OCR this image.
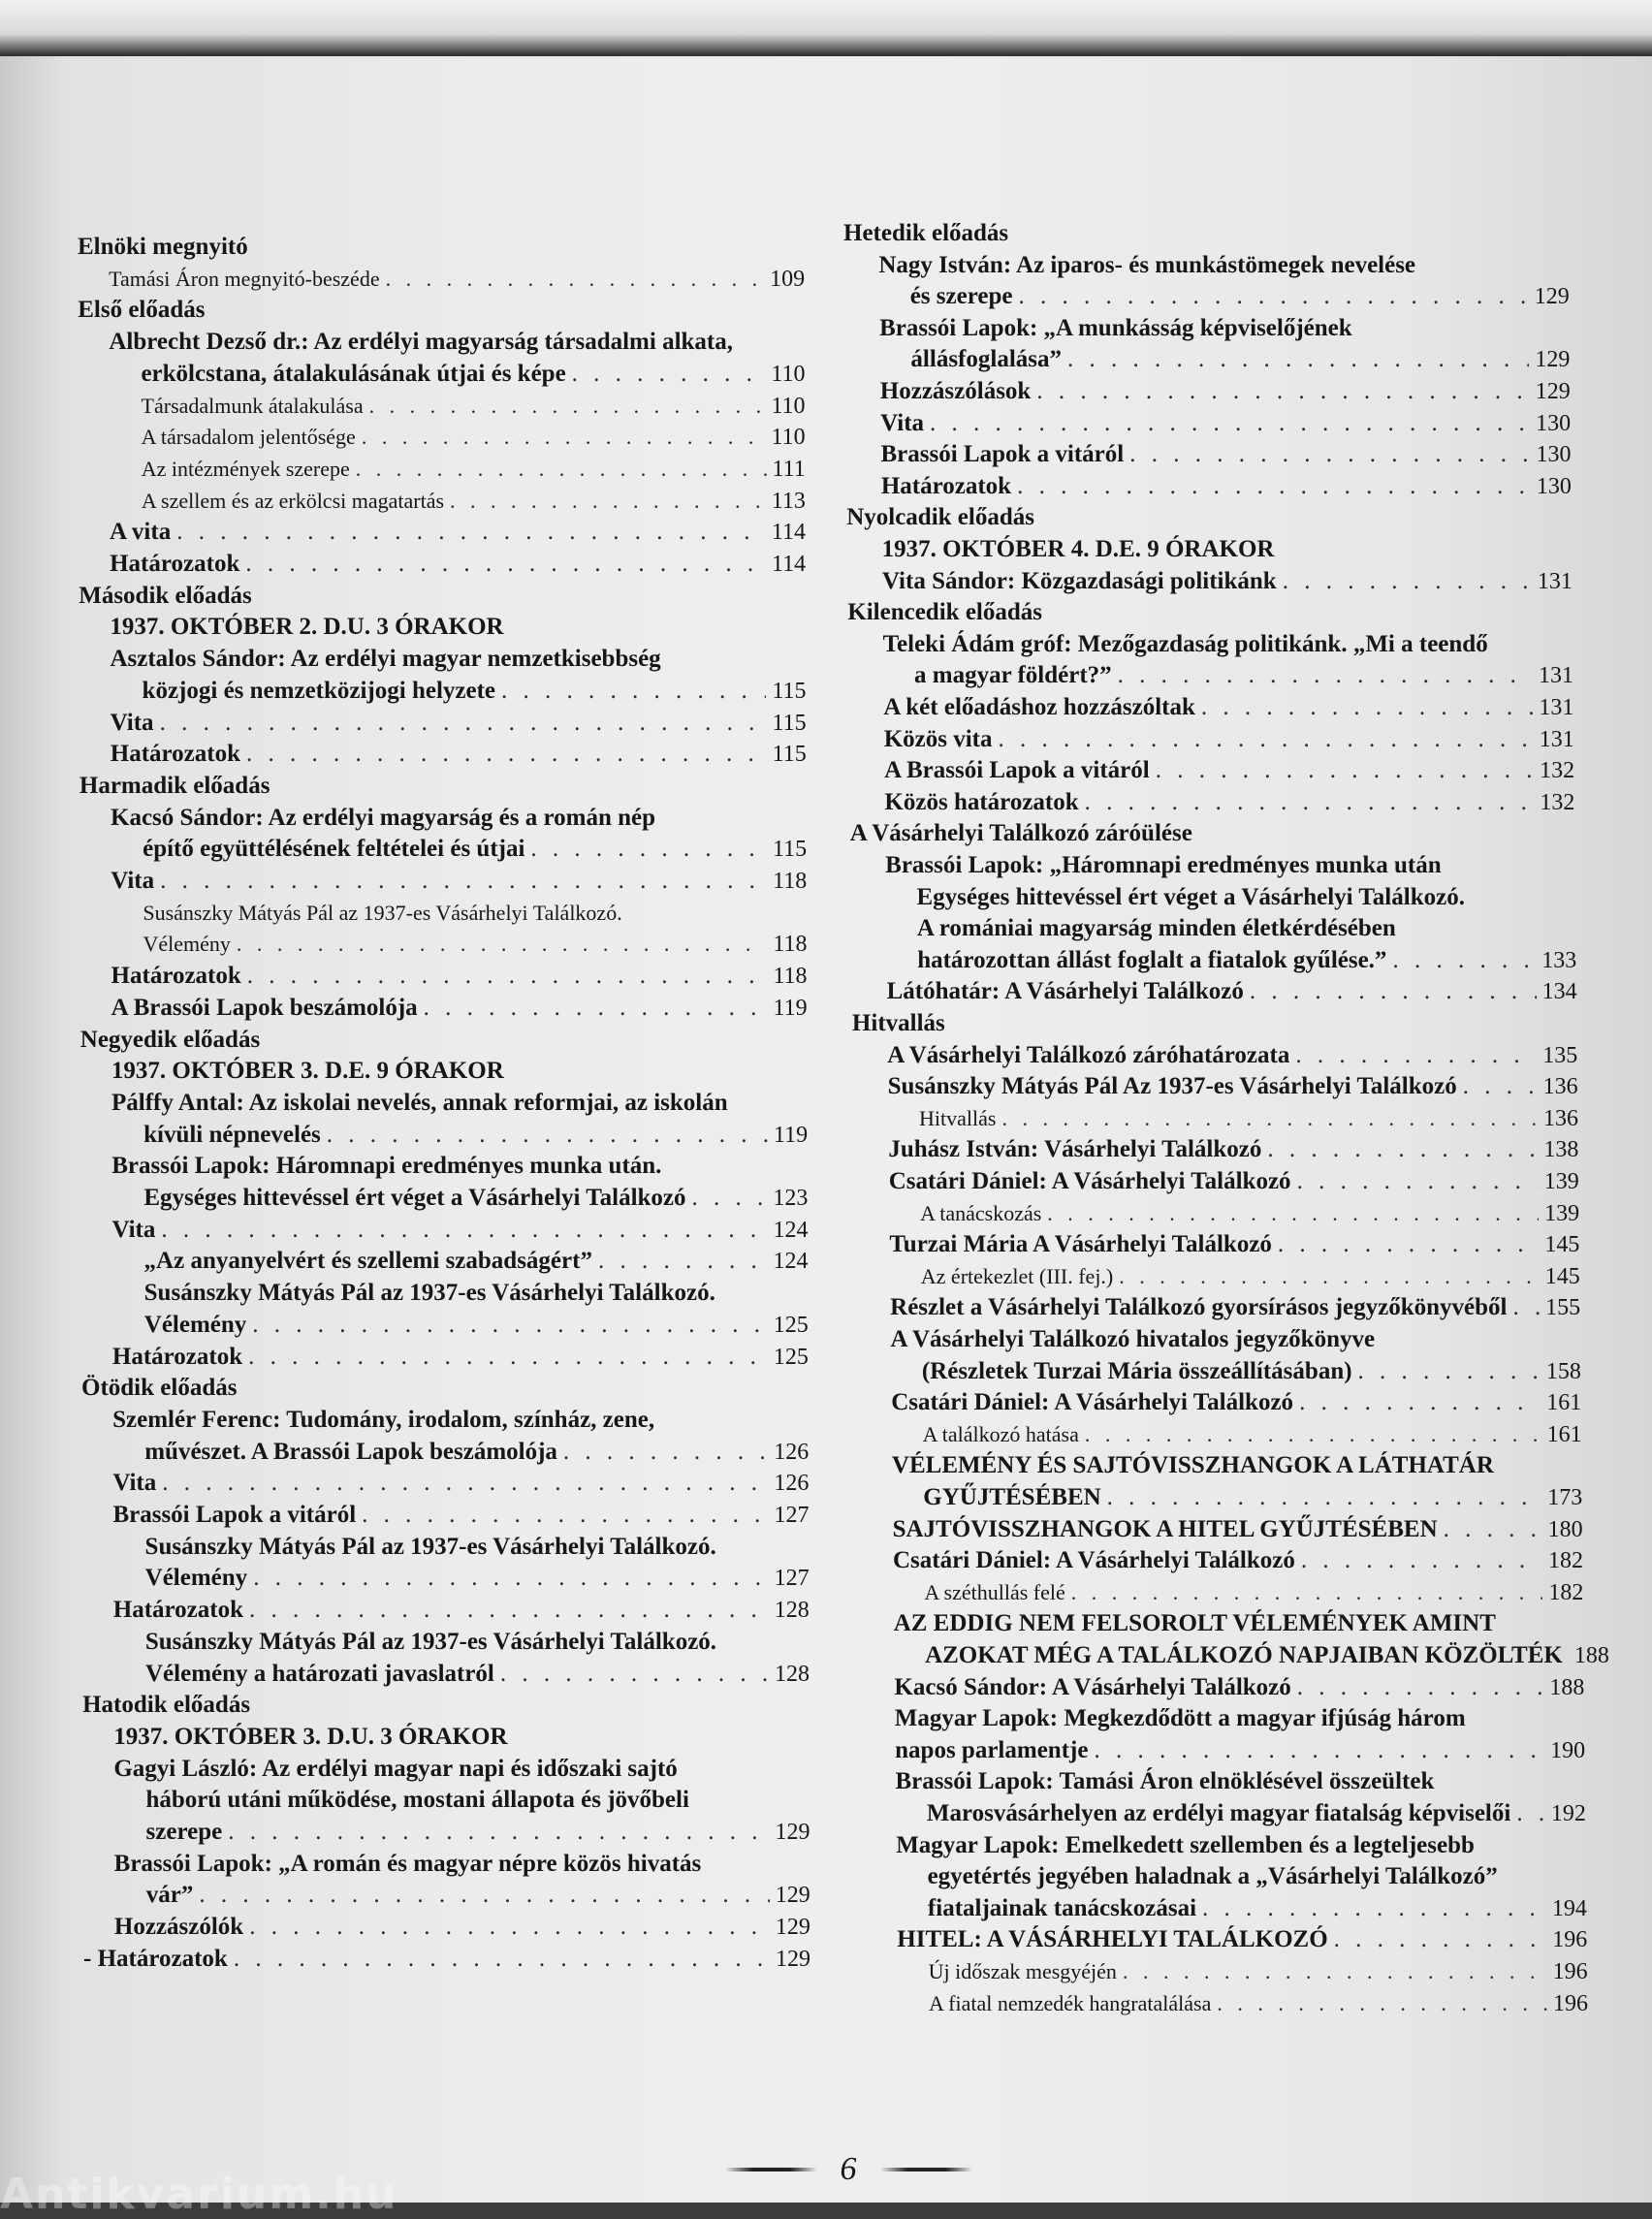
Elnöki megnyitó
Tamási Áron megnyitó-beszéde . . .	109
Első előadás
Albrecht Dezső dr.: Az erdélyi magyarság társadalmi alkata,
erkölcstana, átalakulásának útjai és képe . . .	110
Társadalmunk átalakulása . . .	110
A társadalom jelentősége . . .	110
Az intézmények szerepe . . .	111
A szellem és az erkölcsi magatartás . . .	113
A vita . . .	114
Határozatok . . .	114
Második előadás
1937. OKTÓBER 2. D.U. 3 ÓRAKOR
Asztalos Sándor: Az erdélyi magyar nemzetkisebbség
közjogi és nemzetközijogi helyzete . . .	115
Vita . . .	115
Határozatok . . .	115
Harmadik előadás
Kacsó Sándor: Az erdélyi magyarság és a román nép
építő együttélésének feltételei és útjai . . .	115
Vita . . .	118
Susánszky Mátyás Pál az 1937-es Vásárhelyi Találkozó.
Vélemény . . .	118
Határozatok . . .	118
A Brassói Lapok beszámolója . . .	119
Negyedik előadás
1937. OKTÓBER 3. D.E. 9 ÓRAKOR
Pálffy Antal: Az iskolai nevelés, annak reformjai, az iskolán
kívüli népnevelés . . .	119
Brassói Lapok: Háromnapi eredményes munka után.
Egységes hittevéssel ért véget a Vásárhelyi Találkozó . . .	123
Vita . . .	124
„Az anyanyelvért és szellemi szabadságért” . . .	124
Susánszky Mátyás Pál az 1937-es Vásárhelyi Találkozó.
Vélemény . . .	125
Határozatok . . .	125
Ötödik előadás
Szemlér Ferenc: Tudomány, irodalom, színház, zene,
művészet. A Brassói Lapok beszámolója . . .	126
Vita . . .	126
Brassói Lapok a vitáról . . .	127
Susánszky Mátyás Pál az 1937-es Vásárhelyi Találkozó.
Vélemény . . .	127
Határozatok . . .	128
Susánszky Mátyás Pál az 1937-es Vásárhelyi Találkozó.
Vélemény a határozati javaslatról . . .	128
Hatodik előadás
1937. OKTÓBER 3. D.U. 3 ÓRAKOR
Gagyi László: Az erdélyi magyar napi és időszaki sajtó
háború utáni működése, mostani állapota és jövőbeli
szerepe . . .	129
Brassói Lapok: „A román és magyar népre közös hivatás
vár” . . .	129
Hozzászólók . . .	129
- Határozatok . . .	129
Hetedik előadás
Nagy István: Az iparos- és munkástömegek nevelése
és szerepe . . .	129
Brassói Lapok: „A munkásság képviselőjének
állásfoglalása” . . .	129
Hozzászólások . . .	129
Vita . . .	130
Brassói Lapok a vitáról . . .	130
Határozatok . . .	130
Nyolcadik előadás
1937. OKTÓBER 4. D.E. 9 ÓRAKOR
Vita Sándor: Közgazdasági politikánk . . .	131
Kilencedik előadás
Teleki Ádám gróf: Mezőgazdaság politikánk. „Mi a teendő
a magyar földért?” . . .	131
A két előadáshoz hozzászóltak . . .	131
Közös vita . . .	131
A Brassói Lapok a vitáról . . .	132
Közös határozatok . . .	132
A Vásárhelyi Találkozó záróülése
Brassói Lapok: „Háromnapi eredményes munka után
Egységes hittevéssel ért véget a Vásárhelyi Találkozó.
A romániai magyarság minden életkérdésében
határozottan állást foglalt a fiatalok gyűlése.” . . .	133
Látóhatár: A Vásárhelyi Találkozó . . .	134
Hitvallás
A Vásárhelyi Találkozó záróhatározata . . .	135
Susánszky Mátyás Pál Az 1937-es Vásárhelyi Találkozó . . .	136
Hitvallás . . .	136
Juhász István: Vásárhelyi Találkozó . . .	138
Csatári Dániel: A Vásárhelyi Találkozó . . .	139
A tanácskozás . . .	139
Turzai Mária A Vásárhelyi Találkozó . . .	145
Az értekezlet (III. fej.) . . .	145
Részlet a Vásárhelyi Találkozó gyorsírásos jegyzőkönyvéből . . . 155
A Vásárhelyi Találkozó hivatalos jegyzőkönyve
(Részletek Turzai Mária összeállításában) . . .	158
Csatári Dániel: A Vásárhelyi Találkozó . . .	161
A találkozó hatása . . .	161
VÉLEMÉNY ÉS SAJTÓVISSZHANGOK A LÁTHATÁR
GYŰJTÉSÉBEN . . .	173
SAJTÓVISSZHANGOK A HITEL GYŰJTÉSÉBEN . . .	180
Csatári Dániel: A Vásárhelyi Találkozó . . .	182
A széthullás felé . . .	182
AZ EDDIG NEM FELSOROLT VÉLEMÉNYEK AMINT
AZOKAT MÉG A TALÁLKOZÓ NAPJAIBAN KÖZÖLTÉK 188
Kacsó Sándor: A Vásárhelyi Találkozó . . .	188
Magyar Lapok: Megkezdődött a magyar ifjúság három
napos parlamentje . . .	190
Brassói Lapok: Tamási Áron elnöklésével összeültek
Marosvásárhelyen az erdélyi magyar fiatalság képviselői . . . 192
Magyar Lapok: Emelkedett szellemben és a legteljesebb
egyetértés jegyében haladnak a „Vásárhelyi Találkozó”
fiataljainak tanácskozásai . . .	194
HITEL: A VÁSÁRHELYI TALÁLKOZÓ . . .	196
Új időszak mesgyéjén . . .	196
A fiatal nemzedék hangratalálása . . .	196
6
Antikvarium.hu
